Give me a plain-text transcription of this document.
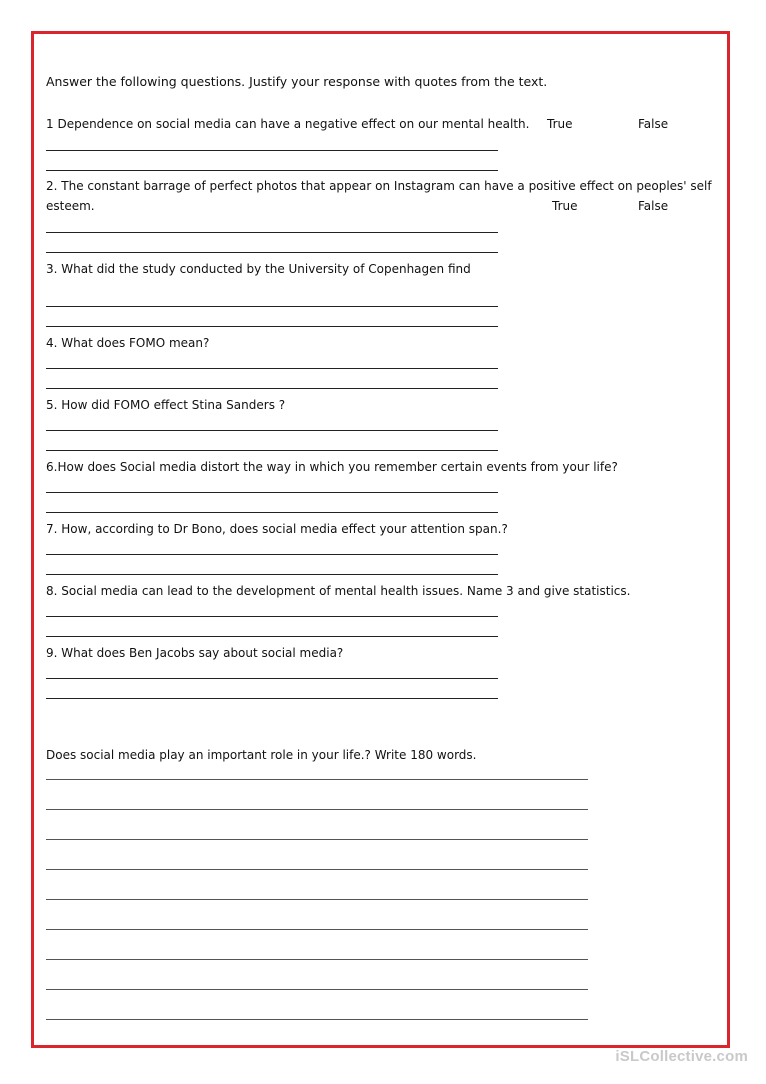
Answer the following questions. Justify your response with quotes from the text.
1 Dependence on social media can have a negative effect on our mental health. True	False
2. The constant barrage of perfect photos that appear on Instagram can have a positive effect on peoples' self
esteem.	True	False
3. What did the study conducted by the University of Copenhagen find
4. What does FOMO mean?
5. How did FOMO effect Stina Sanders ?
6.How does Social media distort the way in which you remember certain events from your life?
7. How, according to Dr Bono, does social media effect your attention span.?
8. Social media can lead to the development of mental health issues. Name 3 and give statistics.
9. What does Ben Jacobs say about social media?
Does social media play an important role in your life.? Write 180 words.
iSLCollective.com
